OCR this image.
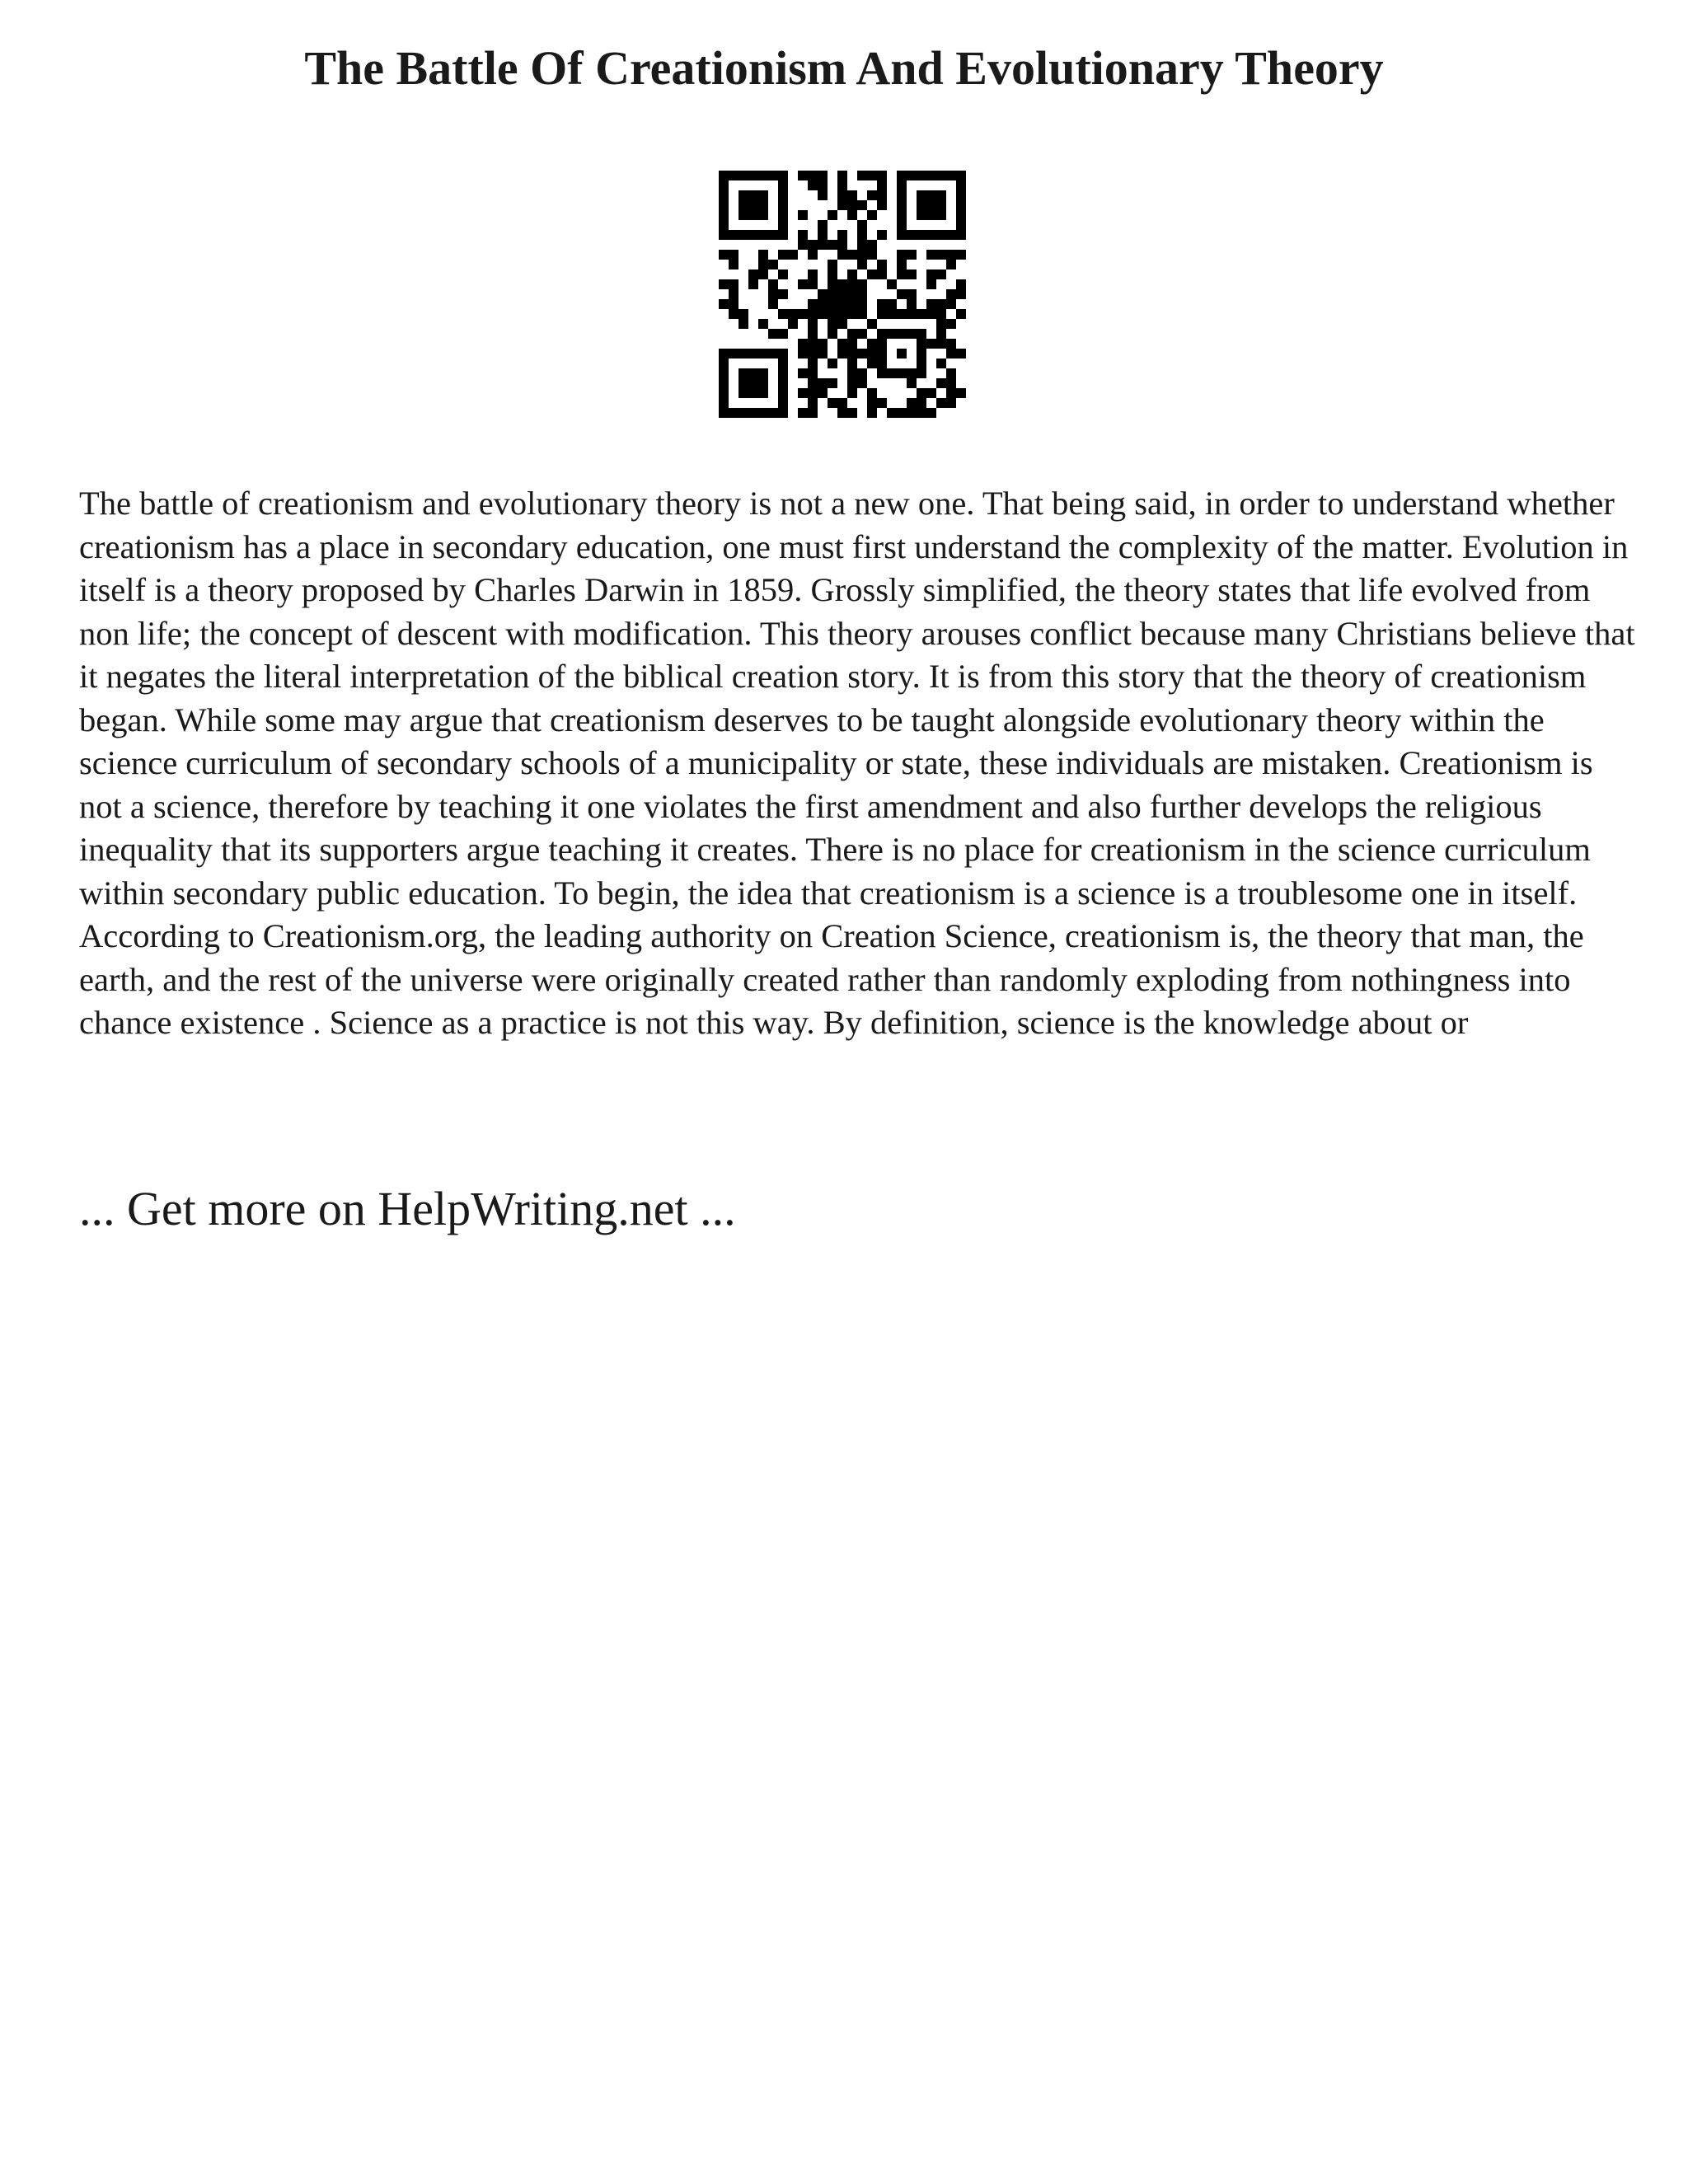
The Battle Of Creationism And Evolutionary Theory

The battle of creationism and evolutionary theory is not a new one. That being said, in order to understand whether creationism has a place in secondary education, one must first understand the complexity of the matter. Evolution in itself is a theory proposed by Charles Darwin in 1859. Grossly simplified, the theory states that life evolved from non life; the concept of descent with modification. This theory arouses conflict because many Christians believe that it negates the literal interpretation of the biblical creation story. It is from this story that the theory of creationism began. While some may argue that creationism deserves to be taught alongside evolutionary theory within the science curriculum of secondary schools of a municipality or state, these individuals are mistaken. Creationism is not a science, therefore by teaching it one violates the first amendment and also further develops the religious inequality that its supporters argue teaching it creates. There is no place for creationism in the science curriculum within secondary public education. To begin, the idea that creationism is a science is a troublesome one in itself. According to Creationism.org, the leading authority on Creation Science, creationism is, the theory that man, the earth, and the rest of the universe were originally created rather than randomly exploding from nothingness into chance existence . Science as a practice is not this way. By definition, science is the knowledge about or

... Get more on HelpWriting.net ...
